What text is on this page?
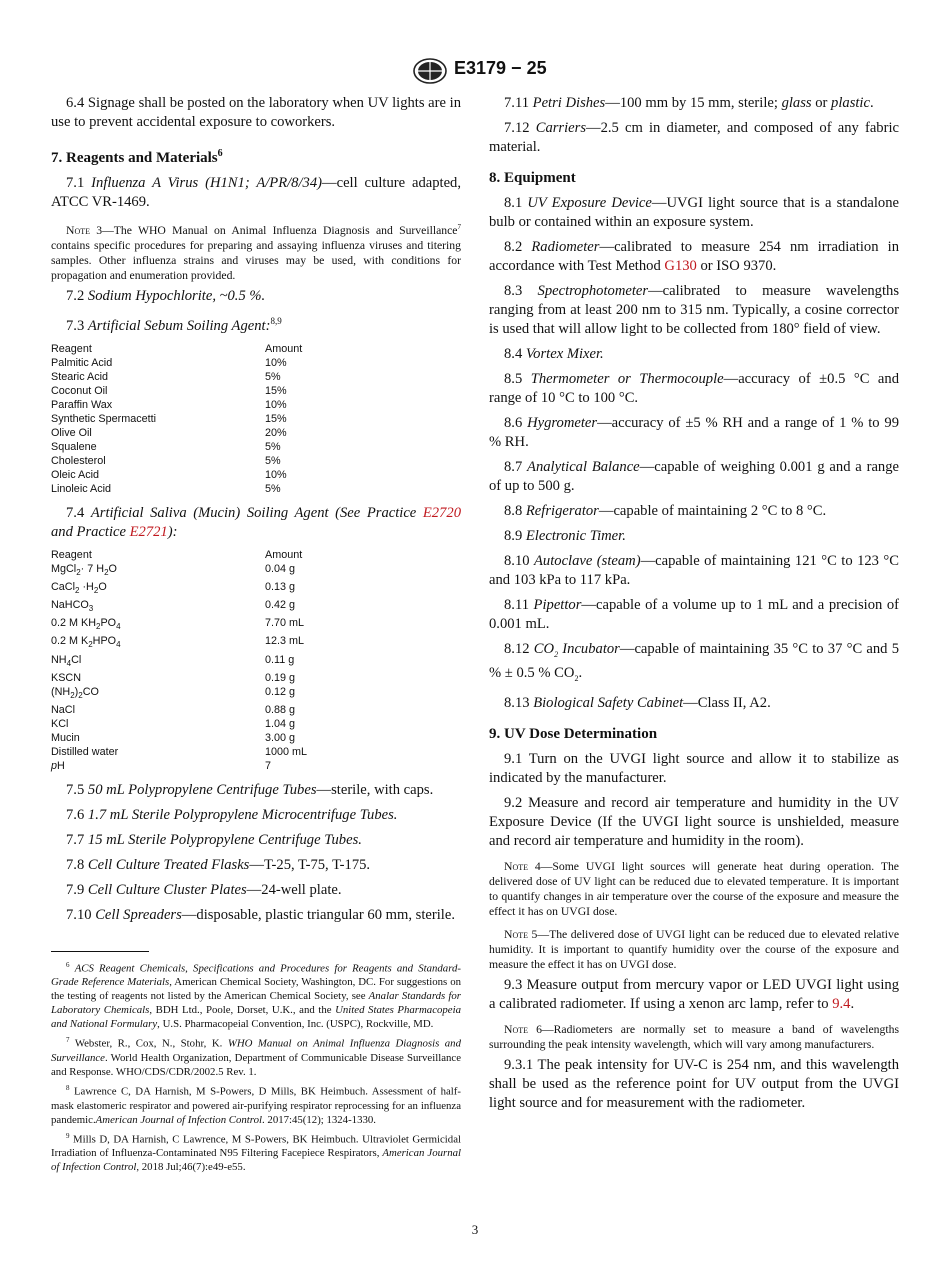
E3179 − 25

6.4 Signage shall be posted on the laboratory when UV lights are in use to prevent accidental exposure to coworkers.

7. Reagents and Materials$^6$

7.1 Influenza A Virus (H1N1; A/PR/8/34)—cell culture adapted, ATCC VR-1469.

Note 3—The WHO Manual on Animal Influenza Diagnosis and Surveillance$^7$ contains specific procedures for preparing and assaying influenza viruses and titering samples. Other influenza strains and viruses may be used, with conditions for propagation and enumeration provided.

7.2 Sodium Hypochlorite, ~0.5 %.

7.3 Artificial Sebum Soiling Agent:$^{8,9}$

Reagent	Amount
Palmitic Acid	10%
Stearic Acid	5%
Coconut Oil	15%
Paraffin Wax	10%
Synthetic Spermacetti	15%
Olive Oil	20%
Squalene	5%
Cholesterol	5%
Oleic Acid	10%
Linoleic Acid	5%

7.4 Artificial Saliva (Mucin) Soiling Agent (See Practice E2720 and Practice E2721):

Reagent	Amount
MgCl$_2$· 7 $H_2O$	0.04 g
CaCl$_2$ $\cdot H_2O$	0.13 g
NaHCO$_3$	0.42 g
0.2 M $KH_2PO_4$	7.70 mL
0.2 M $K_2HPO_4$	12.3 mL
$NH_4Cl$	0.11 g
KSCN	0.19 g
$(NH_2)_2CO$	0.12 g
NaCl	0.88 g
KCl	1.04 g
Mucin	3.00 g
Distilled water	1000 mL
pH	7

7.5 50 mL Polypropylene Centrifuge Tubes—sterile, with caps.

7.6 1.7 mL Sterile Polypropylene Microcentrifuge Tubes.

7.7 15 mL Sterile Polypropylene Centrifuge Tubes.

7.8 Cell Culture Treated Flasks—T-25, T-75, T-175.

7.9 Cell Culture Cluster Plates—24-well plate.

7.10 Cell Spreaders—disposable, plastic triangular 60 mm, sterile.

$^6$ ACS Reagent Chemicals, Specifications and Procedures for Reagents and Standard-Grade Reference Materials, American Chemical Society, Washington, DC. For suggestions on the testing of reagents not listed by the American Chemical Society, see Analar Standards for Laboratory Chemicals, BDH Ltd., Poole, Dorset, U.K., and the United States Pharmacopeia and National Formulary, U.S. Pharmacopeial Convention, Inc. (USPC), Rockville, MD.

$^7$ Webster, R., Cox, N., Stohr, K. WHO Manual on Animal Influenza Diagnosis and Surveillance. World Health Organization, Department of Communicable Disease Surveillance and Response. WHO/CDS/CDR/2002.5 Rev. 1.

$^8$ Lawrence C, DA Harnish, M S-Powers, D Mills, BK Heimbuch. Assessment of half-mask elastomeric respirator and powered air-purifying respirator reprocessing for an influenza pandemic.American Journal of Infection Control. 2017:45(12); 1324-1330.

$^9$ Mills D, DA Harnish, C Lawrence, M S-Powers, BK Heimbuch. Ultraviolet Germicidal Irradiation of Influenza-Contaminated N95 Filtering Facepiece Respirators, American Journal of Infection Control, 2018 Jul;46(7):e49-e55.

7.11 Petri Dishes—100 mm by 15 mm, sterile; glass or plastic.

7.12 Carriers—2.5 cm in diameter, and composed of any fabric material.

8. Equipment

8.1 UV Exposure Device—UVGI light source that is a standalone bulb or contained within an exposure system.

8.2 Radiometer—calibrated to measure 254 nm irradiation in accordance with Test Method G130 or ISO 9370.

8.3 Spectrophotometer—calibrated to measure wavelengths ranging from at least 200 nm to 315 nm. Typically, a cosine corrector is used that will allow light to be collected from 180° field of view.

8.4 Vortex Mixer.

8.5 Thermometer or Thermocouple—accuracy of ±0.5 °C and range of 10 °C to 100 °C.

8.6 Hygrometer—accuracy of ±5 % RH and a range of 1 % to 99 % RH.

8.7 Analytical Balance—capable of weighing 0.001 g and a range of up to 500 g.

8.8 Refrigerator—capable of maintaining 2 °C to 8 °C.

8.9 Electronic Timer.

8.10 Autoclave (steam)—capable of maintaining 121 °C to 123 °C and 103 kPa to 117 kPa.

8.11 Pipettor—capable of a volume up to 1 mL and a precision of 0.001 mL.

8.12 $CO_2$ Incubator—capable of maintaining 35 °C to 37 °C and 5 % ± 0.5 % $CO_2$.

8.13 Biological Safety Cabinet—Class II, A2.

9. UV Dose Determination

9.1 Turn on the UVGI light source and allow it to stabilize as indicated by the manufacturer.

9.2 Measure and record air temperature and humidity in the UV Exposure Device (If the UVGI light source is unshielded, measure and record air temperature and humidity in the room).

Note 4—Some UVGI light sources will generate heat during operation. The delivered dose of UV light can be reduced due to elevated temperature. It is important to quantify changes in air temperature over the course of the exposure and measure the effect it has on UVGI dose.

Note 5—The delivered dose of UVGI light can be reduced due to elevated relative humidity. It is important to quantify humidity over the course of the exposure and measure the effect it has on UVGI dose.

9.3 Measure output from mercury vapor or LED UVGI light using a calibrated radiometer. If using a xenon arc lamp, refer to 9.4.

Note 6—Radiometers are normally set to measure a band of wavelengths surrounding the peak intensity wavelength, which will vary among manufacturers.

9.3.1 The peak intensity for UV-C is 254 nm, and this wavelength shall be used as the reference point for UV output from the UVGI light source and for measurement with the radiometer.

3
